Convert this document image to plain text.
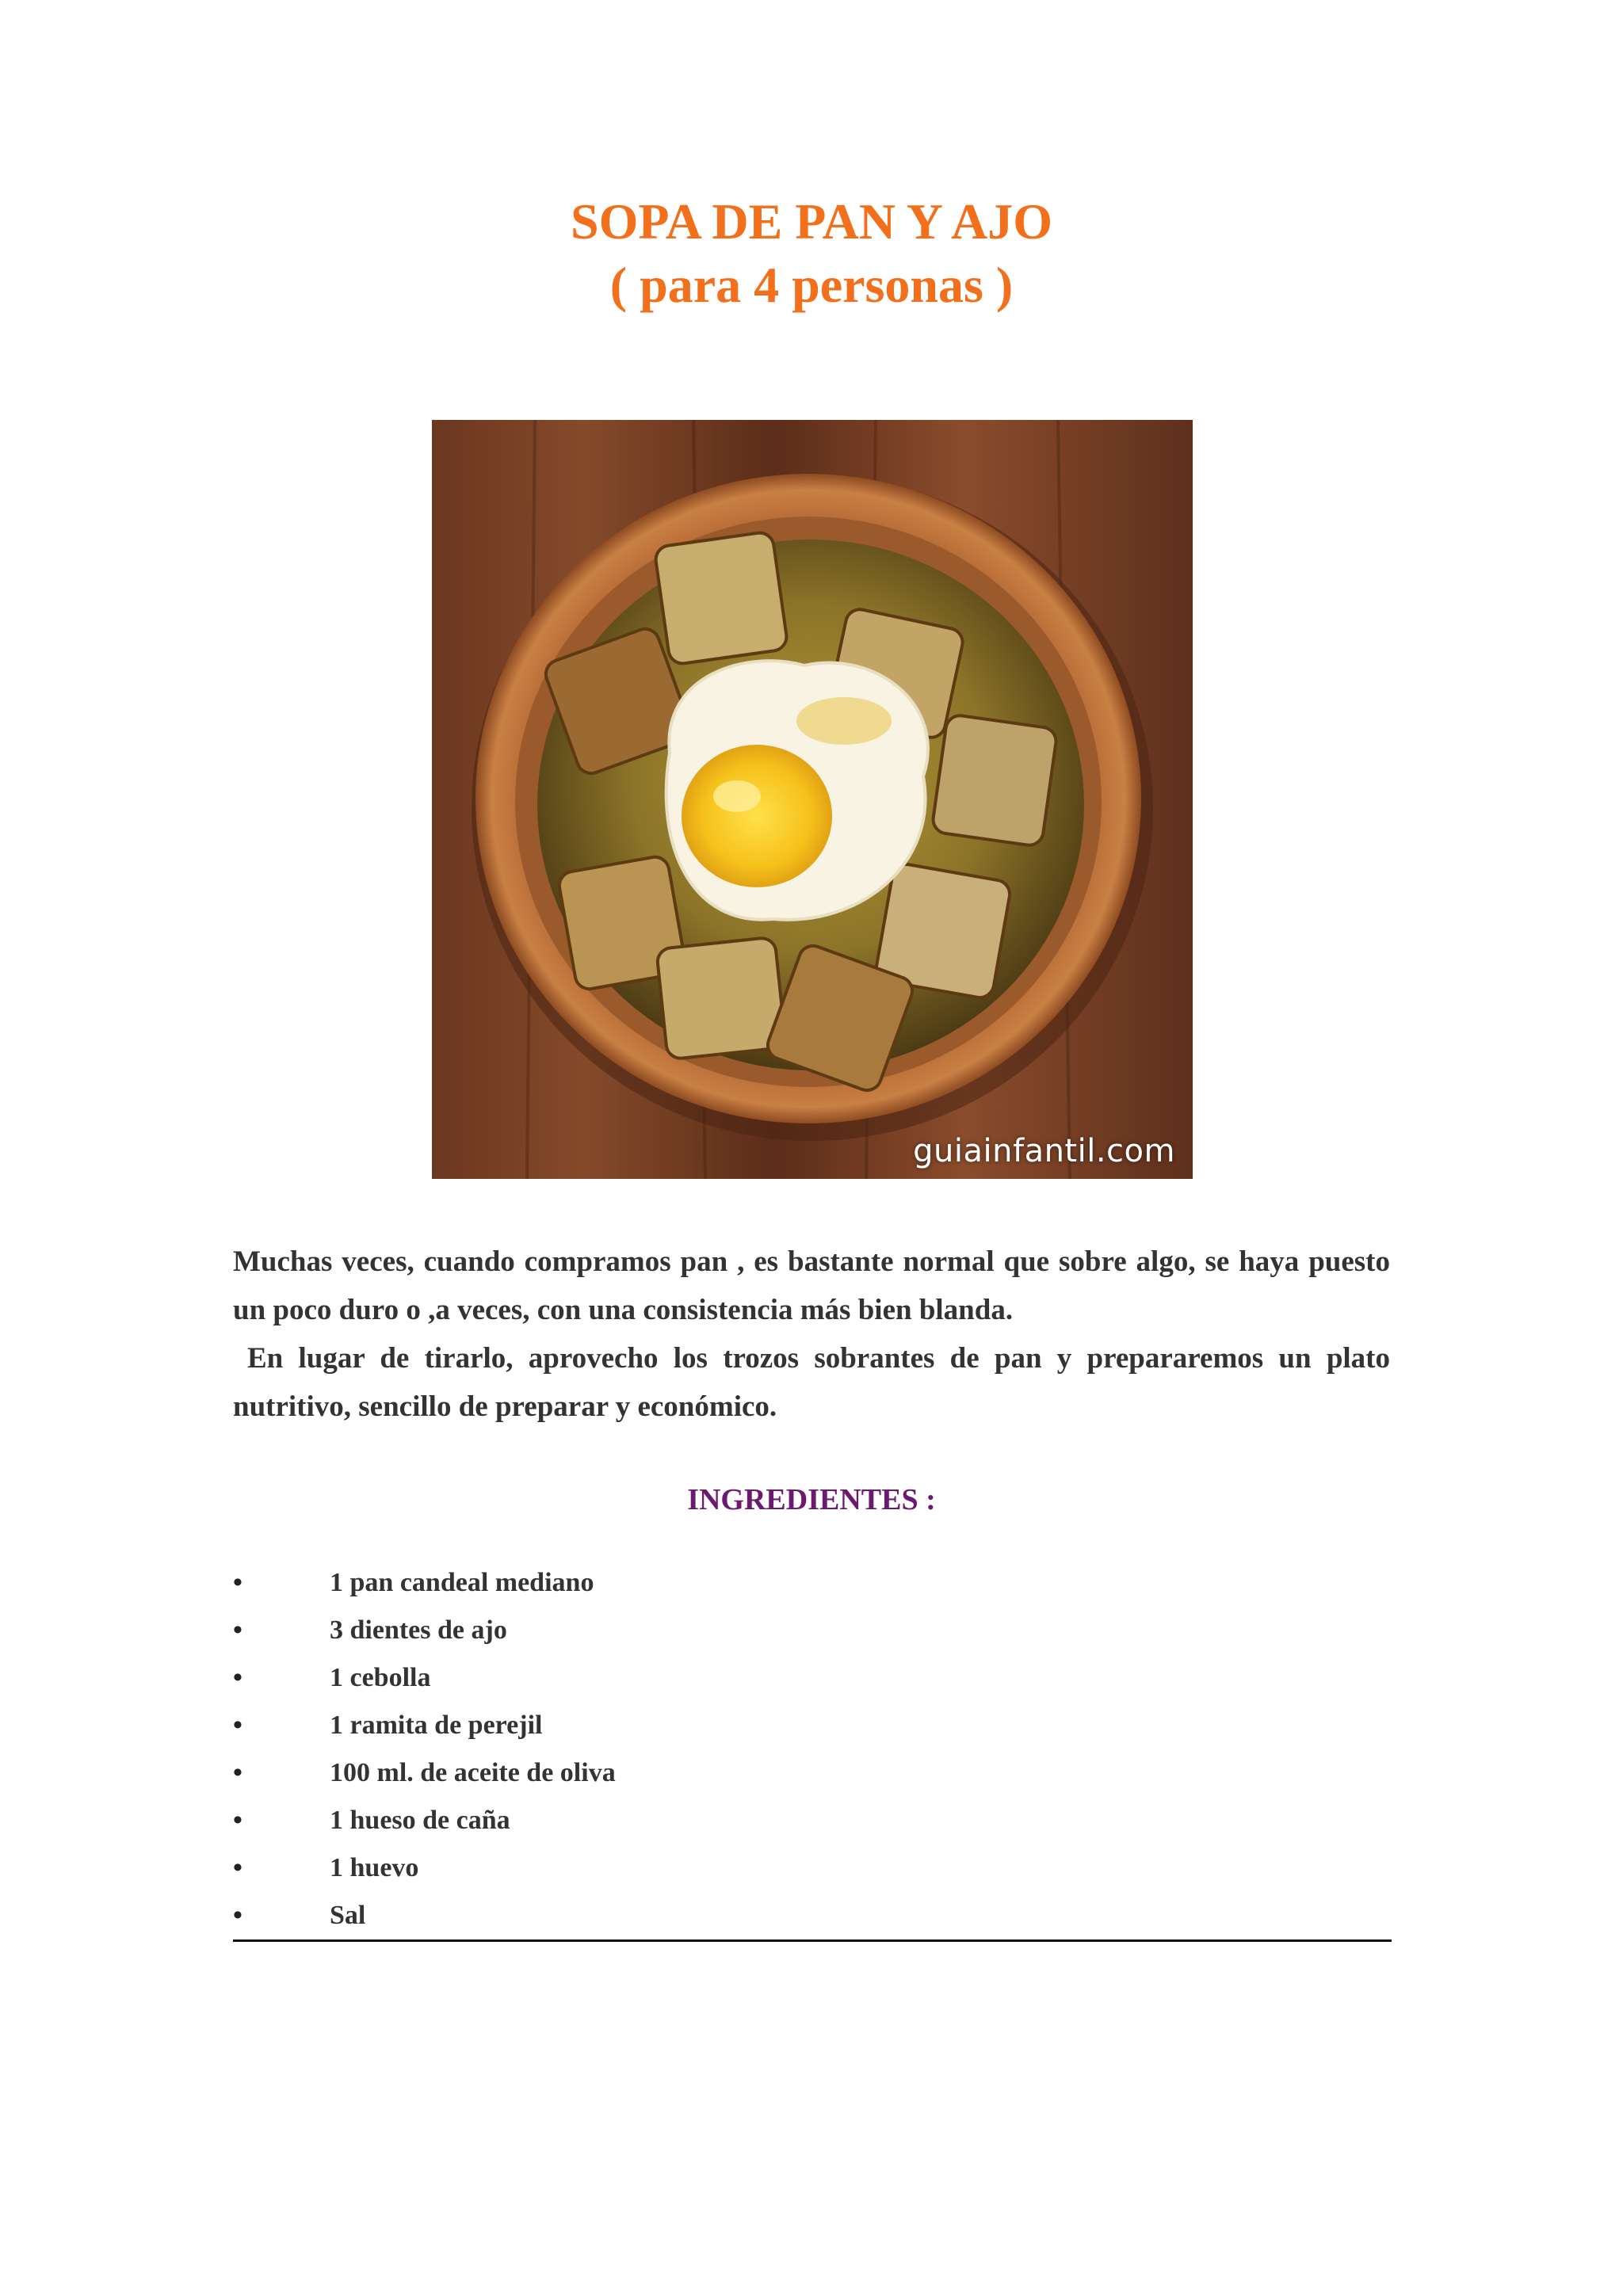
SOPA DE PAN Y AJO
( para 4 personas )
guiainfantil.com

Muchas veces, cuando compramos pan , es bastante normal que sobre algo, se haya puesto un poco duro o ,a veces, con una consistencia más bien blanda.

En lugar de tirarlo, aprovecho los trozos sobrantes de pan y prepararemos un plato nutritivo, sencillo de preparar y económico.

INGREDIENTES :
•	1 pan candeal mediano
•	3 dientes de ajo
•	1 cebolla
•	1 ramita de perejil
•	100 ml. de aceite de oliva
•	1 hueso de caña
•	1 huevo
•	Sal
